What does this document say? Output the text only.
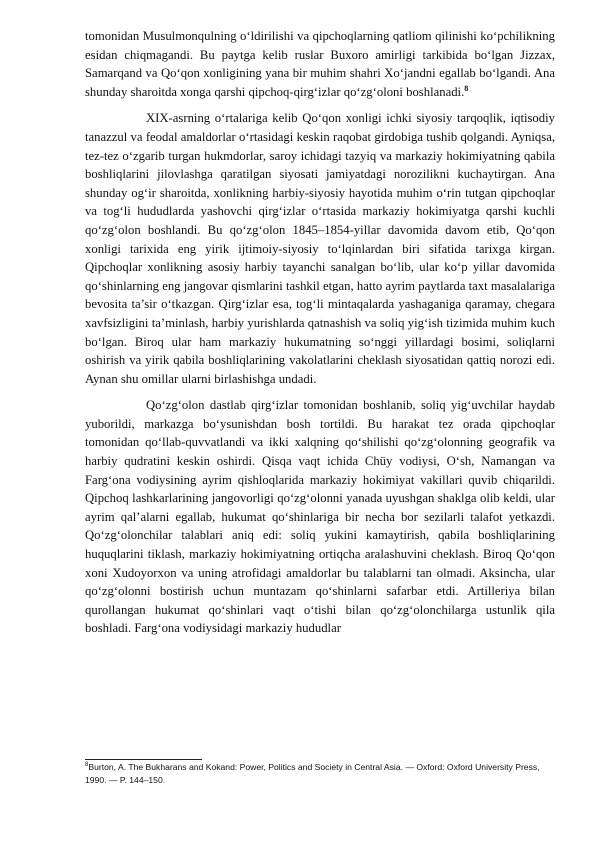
tomonidan Musulmonqulning o‘ldirilishi va qipchoqlarning qatliom qilinishi ko‘pchilikning esidan chiqmagandi. Bu paytga kelib ruslar Buxoro amirligi tarkibida bo‘lgan Jizzax, Samarqand va Qo‘qon xonligining yana bir muhim shahri Xo‘jandni egallab bo‘lgandi. Ana shunday sharoitda xonga qarshi qipchoq-qirg‘izlar qo‘zg‘oloni boshlanadi.$^8$

XIX-asrning o‘rtalariga kelib Qo‘qon xonligi ichki siyosiy tarqoqlik, iqtisodiy tanazzul va feodal amaldorlar o‘rtasidagi keskin raqobat girdobiga tushib qolgandi. Ayniqsa, tez-tez o‘zgarib turgan hukmdorlar, saroy ichidagi tazyiq va markaziy hokimiyatning qabila boshliqlarini jilovlashga qaratilgan siyosati jamiyatdagi norozilikni kuchaytirgan. Ana shunday og‘ir sharoitda, xonlikning harbiy-siyosiy hayotida muhim o‘rin tutgan qipchoqlar va tog‘li hududlarda yashovchi qirg‘izlar o‘rtasida markaziy hokimiyatga qarshi kuchli qo‘zg‘olon boshlandi. Bu qo‘zg‘olon 1845–1854-yillar davomida davom etib, Qo‘qon xonligi tarixida eng yirik ijtimoiy-siyosiy to‘lqinlardan biri sifatida tarixga kirgan. Qipchoqlar xonlikning asosiy harbiy tayanchi sanalgan bo‘lib, ular ko‘p yillar davomida qo‘shinlarning eng jangovar qismlarini tashkil etgan, hatto ayrim paytlarda taxt masalalariga bevosita ta’sir o‘tkazgan. Qirg‘izlar esa, tog‘li mintaqalarda yashaganiga qaramay, chegara xavfsizligini ta’minlash, harbiy yurishlarda qatnashish va soliq yig‘ish tizimida muhim kuch bo‘lgan. Biroq ular ham markaziy hukumatning so‘nggi yillardagi bosimi, soliqlarni oshirish va yirik qabila boshliqlarining vakolatlarini cheklash siyosatidan qattiq norozi edi. Aynan shu omillar ularni birlashishga undadi.

Qo‘zg‘olon dastlab qirg‘izlar tomonidan boshlanib, soliq yig‘uvchilar haydab yuborildi, markazga bo‘ysunishdan bosh tortildi. Bu harakat tez orada qipchoqlar tomonidan qo‘llab-quvvatlandi va ikki xalqning qo‘shilishi qo‘zg‘olonning geografik va harbiy qudratini keskin oshirdi. Qisqa vaqt ichida Chüy vodiysi, O‘sh, Namangan va Farg‘ona vodiysining ayrim qishloqlarida markaziy hokimiyat vakillari quvib chiqarildi. Qipchoq lashkarlarining jangovorligi qo‘zg‘olonni yanada uyushgan shaklga olib keldi, ular ayrim qal’alarni egallab, hukumat qo‘shinlariga bir necha bor sezilarli talafot yetkazdi. Qo‘zg‘olonchilar talablari aniq edi: soliq yukini kamaytirish, qabila boshliqlarining huquqlarini tiklash, markaziy hokimiyatning ortiqcha aralashuvini cheklash. Biroq Qo‘qon xoni Xudoyorxon va uning atrofidagi amaldorlar bu talablarni tan olmadi. Aksincha, ular qo‘zg‘olonni bostirish uchun muntazam qo‘shinlarni safarbar etdi. Artilleriya bilan qurollangan hukumat qo‘shinlari vaqt o‘tishi bilan qo‘zg‘olonchilarga ustunlik qila boshladi. Farg‘ona vodiysidagi markaziy hududlar

$^8$Burton, A. The Bukharans and Kokand: Power, Politics and Society in Central Asia. — Oxford: Oxford University Press, 1990. — P. 144–150.
